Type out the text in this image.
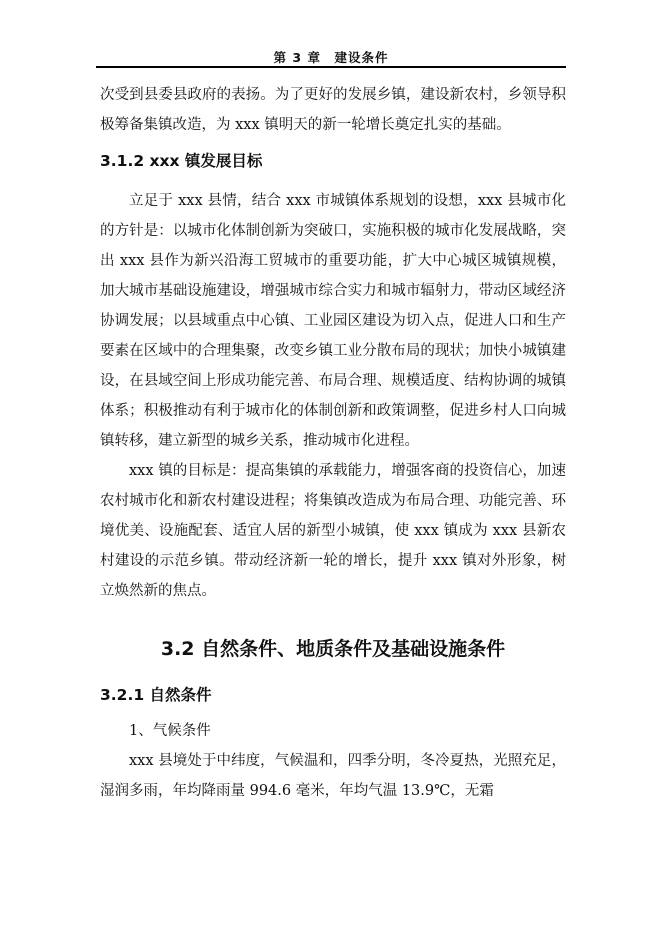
第 3 章　建设条件

次受到县委县政府的表扬。为了更好的发展乡镇，建设新农村，乡领导积极筹备集镇改造，为 xxx 镇明天的新一轮增长奠定扎实的基础。

3.1.2 xxx 镇发展目标

立足于 xxx 县情，结合 xxx 市城镇体系规划的设想，xxx 县城市化的方针是：以城市化体制创新为突破口，实施积极的城市化发展战略，突出 xxx 县作为新兴沿海工贸城市的重要功能，扩大中心城区城镇规模，加大城市基础设施建设，增强城市综合实力和城市辐射力，带动区域经济协调发展；以县域重点中心镇、工业园区建设为切入点，促进人口和生产要素在区域中的合理集聚，改变乡镇工业分散布局的现状；加快小城镇建设，在县域空间上形成功能完善、布局合理、规模适度、结构协调的城镇体系；积极推动有利于城市化的体制创新和政策调整，促进乡村人口向城镇转移，建立新型的城乡关系，推动城市化进程。

xxx 镇的目标是：提高集镇的承载能力，增强客商的投资信心，加速农村城市化和新农村建设进程；将集镇改造成为布局合理、功能完善、环境优美、设施配套、适宜人居的新型小城镇，使 xxx 镇成为 xxx 县新农村建设的示范乡镇。带动经济新一轮的增长，提升 xxx 镇对外形象，树立焕然新的焦点。

3.2 自然条件、地质条件及基础设施条件
3.2.1 自然条件

1、气候条件

xxx 县境处于中纬度，气候温和，四季分明，冬冷夏热，光照充足，湿润多雨，年均降雨量 994.6 毫米，年均气温 13.9℃，无霜
